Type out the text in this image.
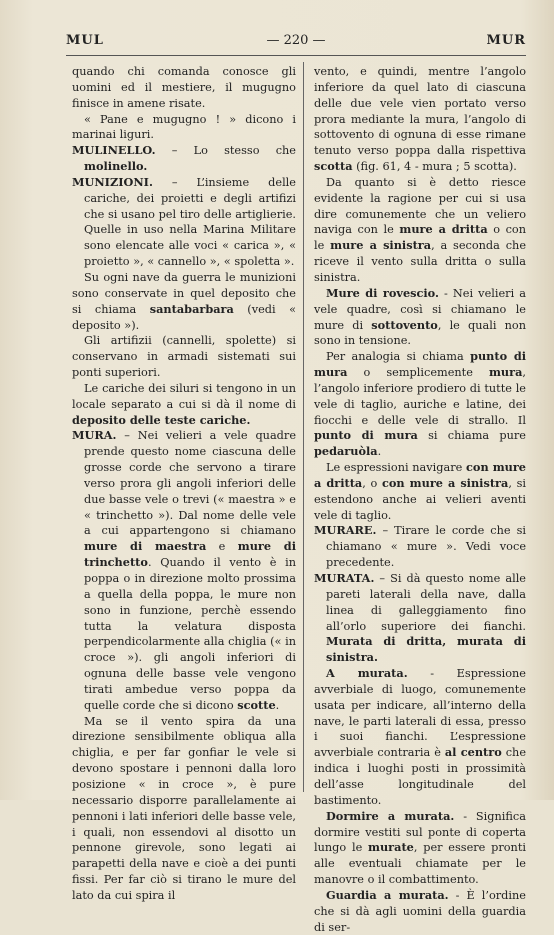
MUL	— 220 —	MUR

quando chi comanda conosce gli uomini ed il mestiere, il mugugno finisce in amene risate.

« Pane e mugugno ! » dicono i marinai liguri.

MULINELLO. – Lo stesso che molinello.

MUNIZIONI. – L’insieme delle cariche, dei proietti e degli artifizi che si usano pel tiro delle artiglierie. Quelle in uso nella Marina Militare sono elencate alle voci « carica », « proietto », « cannello », « spoletta ».

Su ogni nave da guerra le munizioni sono conservate in quel deposito che si chiama santabarbara (vedi « deposito »).

Gli artifizii (cannelli, spolette) si conservano in armadi sistemati sui ponti superiori.

Le cariche dei siluri si tengono in un locale separato a cui si dà il nome di deposito delle teste cariche.

MURA. – Nei velieri a vele quadre prende questo nome ciascuna delle grosse corde che servono a tirare verso prora gli angoli inferiori delle due basse vele o trevi (« maestra » e « trinchetto »). Dal nome delle vele a cui appartengono si chiamano mure di maestra e mure di trinchetto. Quando il vento è in poppa o in direzione molto prossima a quella della poppa, le mure non sono in funzione, perchè essendo tutta la velatura disposta perpendicolarmente alla chiglia (« in croce »). gli angoli inferiori di ognuna delle basse vele vengono tirati ambedue verso poppa da quelle corde che si dicono scotte.

Ma se il vento spira da una direzione sensibilmente obliqua alla chiglia, e per far gonfiar le vele si devono spostare i pennoni dalla loro posizione « in croce », è pure necessario disporre parallelamente ai pennoni i lati inferiori delle basse vele, i quali, non essendovi al disotto un pennone girevole, sono legati ai parapetti della nave e cioè a dei punti fissi. Per far ciò si tirano le mure del lato da cui spira il

vento, e quindi, mentre l’angolo inferiore da quel lato di ciascuna delle due vele vien portato verso prora mediante la mura, l’angolo di sottovento di ognuna di esse rimane tenuto verso poppa dalla rispettiva scotta (fig. 61, 4 - mura ; 5 scotta).

Da quanto si è detto riesce evidente la ragione per cui si usa dire comunemente che un veliero naviga con le mure a dritta o con le mure a sinistra, a seconda che riceve il vento sulla dritta o sulla sinistra.

Mure di rovescio. - Nei velieri a vele quadre, così si chiamano le mure di sottovento, le quali non sono in tensione.

Per analogia si chiama punto di mura o semplicemente mura, l’angolo inferiore prodiero di tutte le vele di taglio, auriche e latine, dei fiocchi e delle vele di strallo. Il punto di mura si chiama pure pedaruòla.

Le espressioni navigare con mure a dritta, o con mure a sinistra, si estendono anche ai velieri aventi vele di taglio.

MURARE. – Tirare le corde che si chiamano « mure ». Vedi voce precedente.

MURATA. – Si dà questo nome alle pareti laterali della nave, dalla linea di galleggiamento fino all’orlo superiore dei fianchi. Murata di dritta, murata di sinistra.

A murata. - Espressione avverbiale di luogo, comunemente usata per indicare, all’interno della nave, le parti laterali di essa, presso i suoi fianchi. L’espressione avverbiale contraria è al centro che indica i luoghi posti in prossimità dell’asse longitudinale del bastimento.

Dormire a murata. - Significa dormire vestiti sul ponte di coperta lungo le murate, per essere pronti alle eventuali chiamate per le manovre o il combattimento.

Guardia a murata. - È l’ordine che si dà agli uomini della guardia di ser-
